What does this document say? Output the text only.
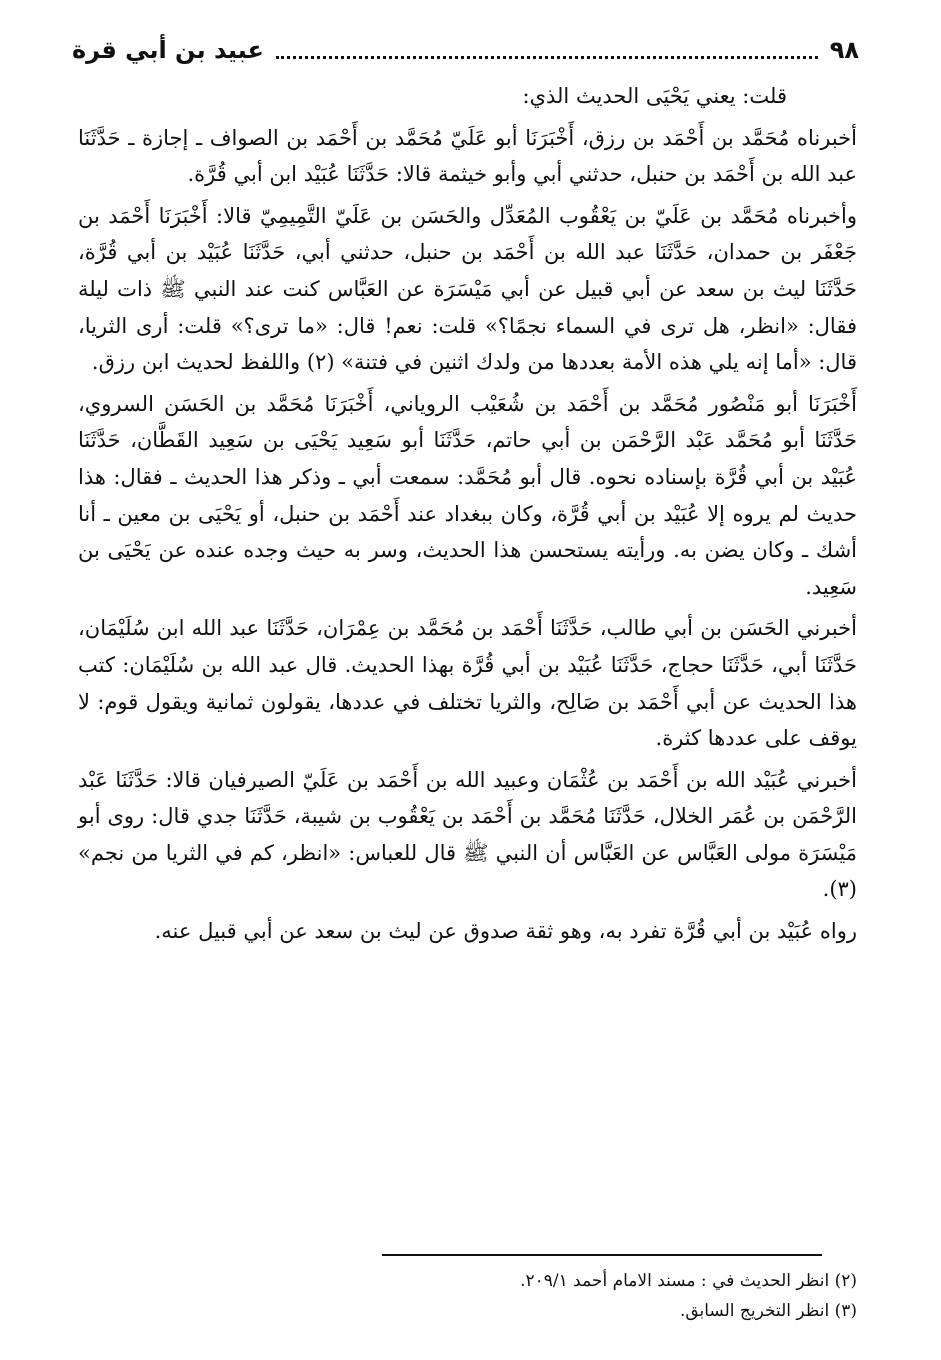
٩٨
عبيد بن أبي قرة

قلت: يعني يَحْيَى الحديث الذي:

أخبرناه مُحَمَّد بن أَحْمَد بن رزق، أَخْبَرَنَا أبو عَلَيّ مُحَمَّد بن أَحْمَد بن الصواف ـ إجازة ـ حَدَّثَنَا عبد الله بن أَحْمَد بن حنبل، حدثني أبي وأبو خيثمة قالا: حَدَّثَنَا عُبَيْد ابن أبي قُرَّة.

وأخبرناه مُحَمَّد بن عَلَيّ بن يَعْقُوب المُعَدِّل والحَسَن بن عَلَيّ التَّمِيمِيّ قالا: أَخْبَرَنَا أَحْمَد بن جَعْفَر بن حمدان، حَدَّثَنَا عبد الله بن أَحْمَد بن حنبل، حدثني أبي، حَدَّثَنَا عُبَيْد بن أبي قُرَّة، حَدَّثَنَا ليث بن سعد عن أبي قبيل عن أبي مَيْسَرَة عن العَبَّاس كنت عند النبي ﷺ ذات ليلة فقال: «انظر، هل ترى في السماء نجمًا؟» قلت: نعم! قال: «ما ترى؟» قلت: أرى الثريا، قال: «أما إنه يلي هذه الأمة بعددها من ولدك اثنين في فتنة» (٢) واللفظ لحديث ابن رزق.

أَخْبَرَنَا أبو مَنْصُور مُحَمَّد بن أَحْمَد بن شُعَيْب الروياني، أَخْبَرَنَا مُحَمَّد بن الحَسَن السروي، حَدَّثَنَا أبو مُحَمَّد عَبْد الرَّحْمَن بن أبي حاتم، حَدَّثَنَا أبو سَعِيد يَحْيَى بن سَعِيد القَطَّان، حَدَّثَنَا عُبَيْد بن أبي قُرَّة بإسناده نحوه. قال أبو مُحَمَّد: سمعت أبي ـ وذكر هذا الحديث ـ فقال: هذا حديث لم يروه إلا عُبَيْد بن أبي قُرَّة، وكان ببغداد عند أَحْمَد بن حنبل، أو يَحْيَى بن معين ـ أنا أشك ـ وكان يضن به. ورأيته يستحسن هذا الحديث، وسر به حيث وجده عنده عن يَحْيَى بن سَعِيد.

أخبرني الحَسَن بن أبي طالب، حَدَّثَنَا أَحْمَد بن مُحَمَّد بن عِمْرَان، حَدَّثَنَا عبد الله ابن سُلَيْمَان، حَدَّثَنَا أبي، حَدَّثَنَا حجاج، حَدَّثَنَا عُبَيْد بن أبي قُرَّة بهذا الحديث. قال عبد الله بن سُلَيْمَان: كتب هذا الحديث عن أبي أَحْمَد بن صَالِح، والثريا تختلف في عددها، يقولون ثمانية ويقول قوم: لا يوقف على عددها كثرة.

أخبرني عُبَيْد الله بن أَحْمَد بن عُثْمَان وعبيد الله بن أَحْمَد بن عَلَيّ الصيرفيان قالا: حَدَّثَنَا عَبْد الرَّحْمَن بن عُمَر الخلال، حَدَّثَنَا مُحَمَّد بن أَحْمَد بن يَعْقُوب بن شيبة، حَدَّثَنَا جدي قال: روى أبو مَيْسَرَة مولى العَبَّاس عن العَبَّاس أن النبي ﷺ قال للعباس: «انظر، كم في الثريا من نجم» (٣).

رواه عُبَيْد بن أبي قُرَّة تفرد به، وهو ثقة صدوق عن ليث بن سعد عن أبي قبيل عنه.

(٢) انظر الحديث في : مسند الامام أحمد ٢٠٩/١.

(٣) انظر التخريج السابق.
